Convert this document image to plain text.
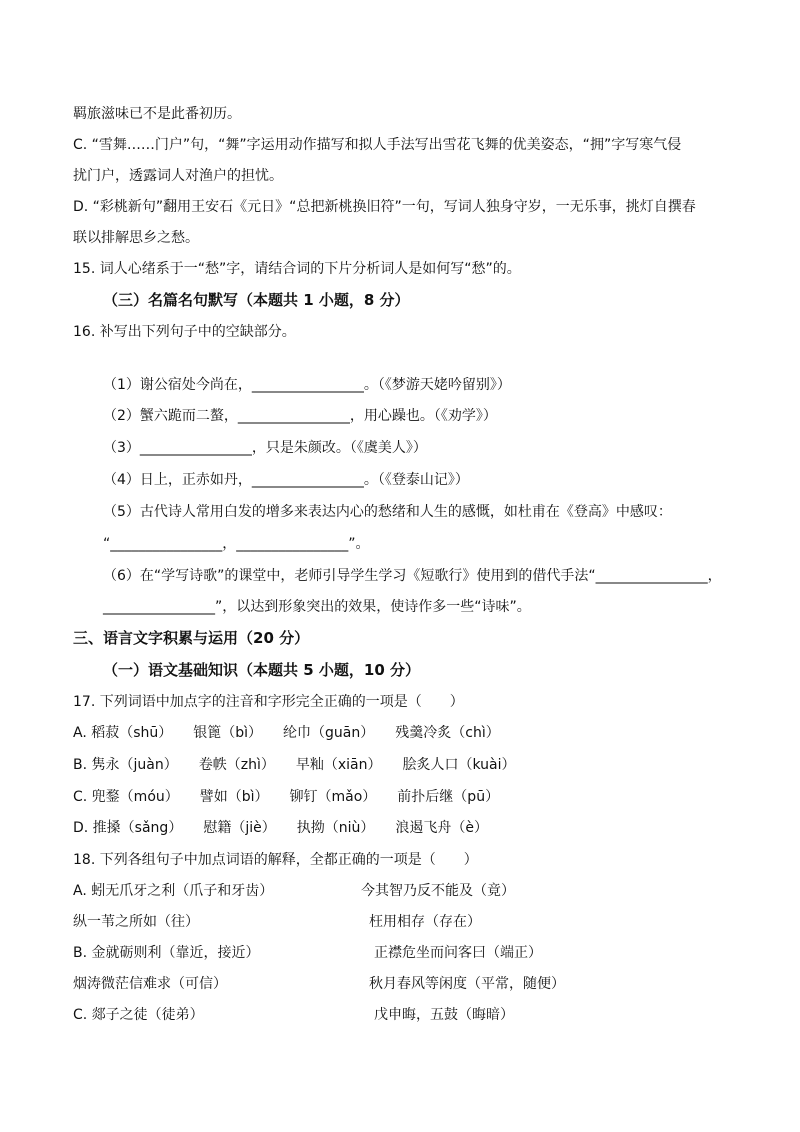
羁旅滋味已不是此番初历。
C. “雪舞……门户”句，“舞”字运用动作描写和拟人手法写出雪花飞舞的优美姿态，“拥”字写寒气侵
扰门户，透露词人对渔户的担忧。
D. “彩桃新句”翻用王安石《元日》“总把新桃换旧符”一句，写词人独身守岁，一无乐事，挑灯自撰春
联以排解思乡之愁。
15. 词人心绪系于一“愁”字，请结合词的下片分析词人是如何写“愁”的。
（三）名篇名句默写（本题共 1 小题，8 分）
16. 补写出下列句子中的空缺部分。
（1）谢公宿处今尚在，________________。（《梦游天姥吟留别》）
（2）蟹六跪而二螯，________________，用心躁也。（《劝学》）
（3）________________，只是朱颜改。（《虞美人》）
（4）日上，正赤如丹，________________。（《登泰山记》）
（5）古代诗人常用白发的增多来表达内心的愁绪和人生的感慨，如杜甫在《登高》中感叹：
“________________，________________”。
（6）在“学写诗歌”的课堂中，老师引导学生学习《短歌行》使用到的借代手法“________________，
________________”，以达到形象突出的效果，使诗作多一些“诗味”。
三、语言文字积累与运用（20 分）
（一）语文基础知识（本题共 5 小题，10 分）
17. 下列词语中加点字的注音和字形完全正确的一项是（　　）
A. 稻菽（shū）　　银篦（bì）　　纶巾（guān）　　残羹冷炙（chì）
B. 隽永（juàn）　　卷帙（zhì）　　早籼（xiān）　　脍炙人口（kuài）
C. 兜鍪（móu）　　譬如（bì）　　铆钉（mǎo）　　前扑后继（pū）
D. 推搡（sǎng）　　慰籍（jiè）　　执拗（niù）　　浪遏飞舟（è）
18. 下列各组句子中加点词语的解释，全都正确的一项是（　　）
A. 蚓无爪牙之利（爪子和牙齿）	今其智乃反不能及（竟）
纵一苇之所如（往）	枉用相存（存在）
B. 金就砺则利（靠近，接近）	正襟危坐而问客曰（端正）
烟涛微茫信难求（可信）	秋月春风等闲度（平常，随便）
C. 郯子之徒（徒弟）	戊申晦，五鼓（晦暗）
